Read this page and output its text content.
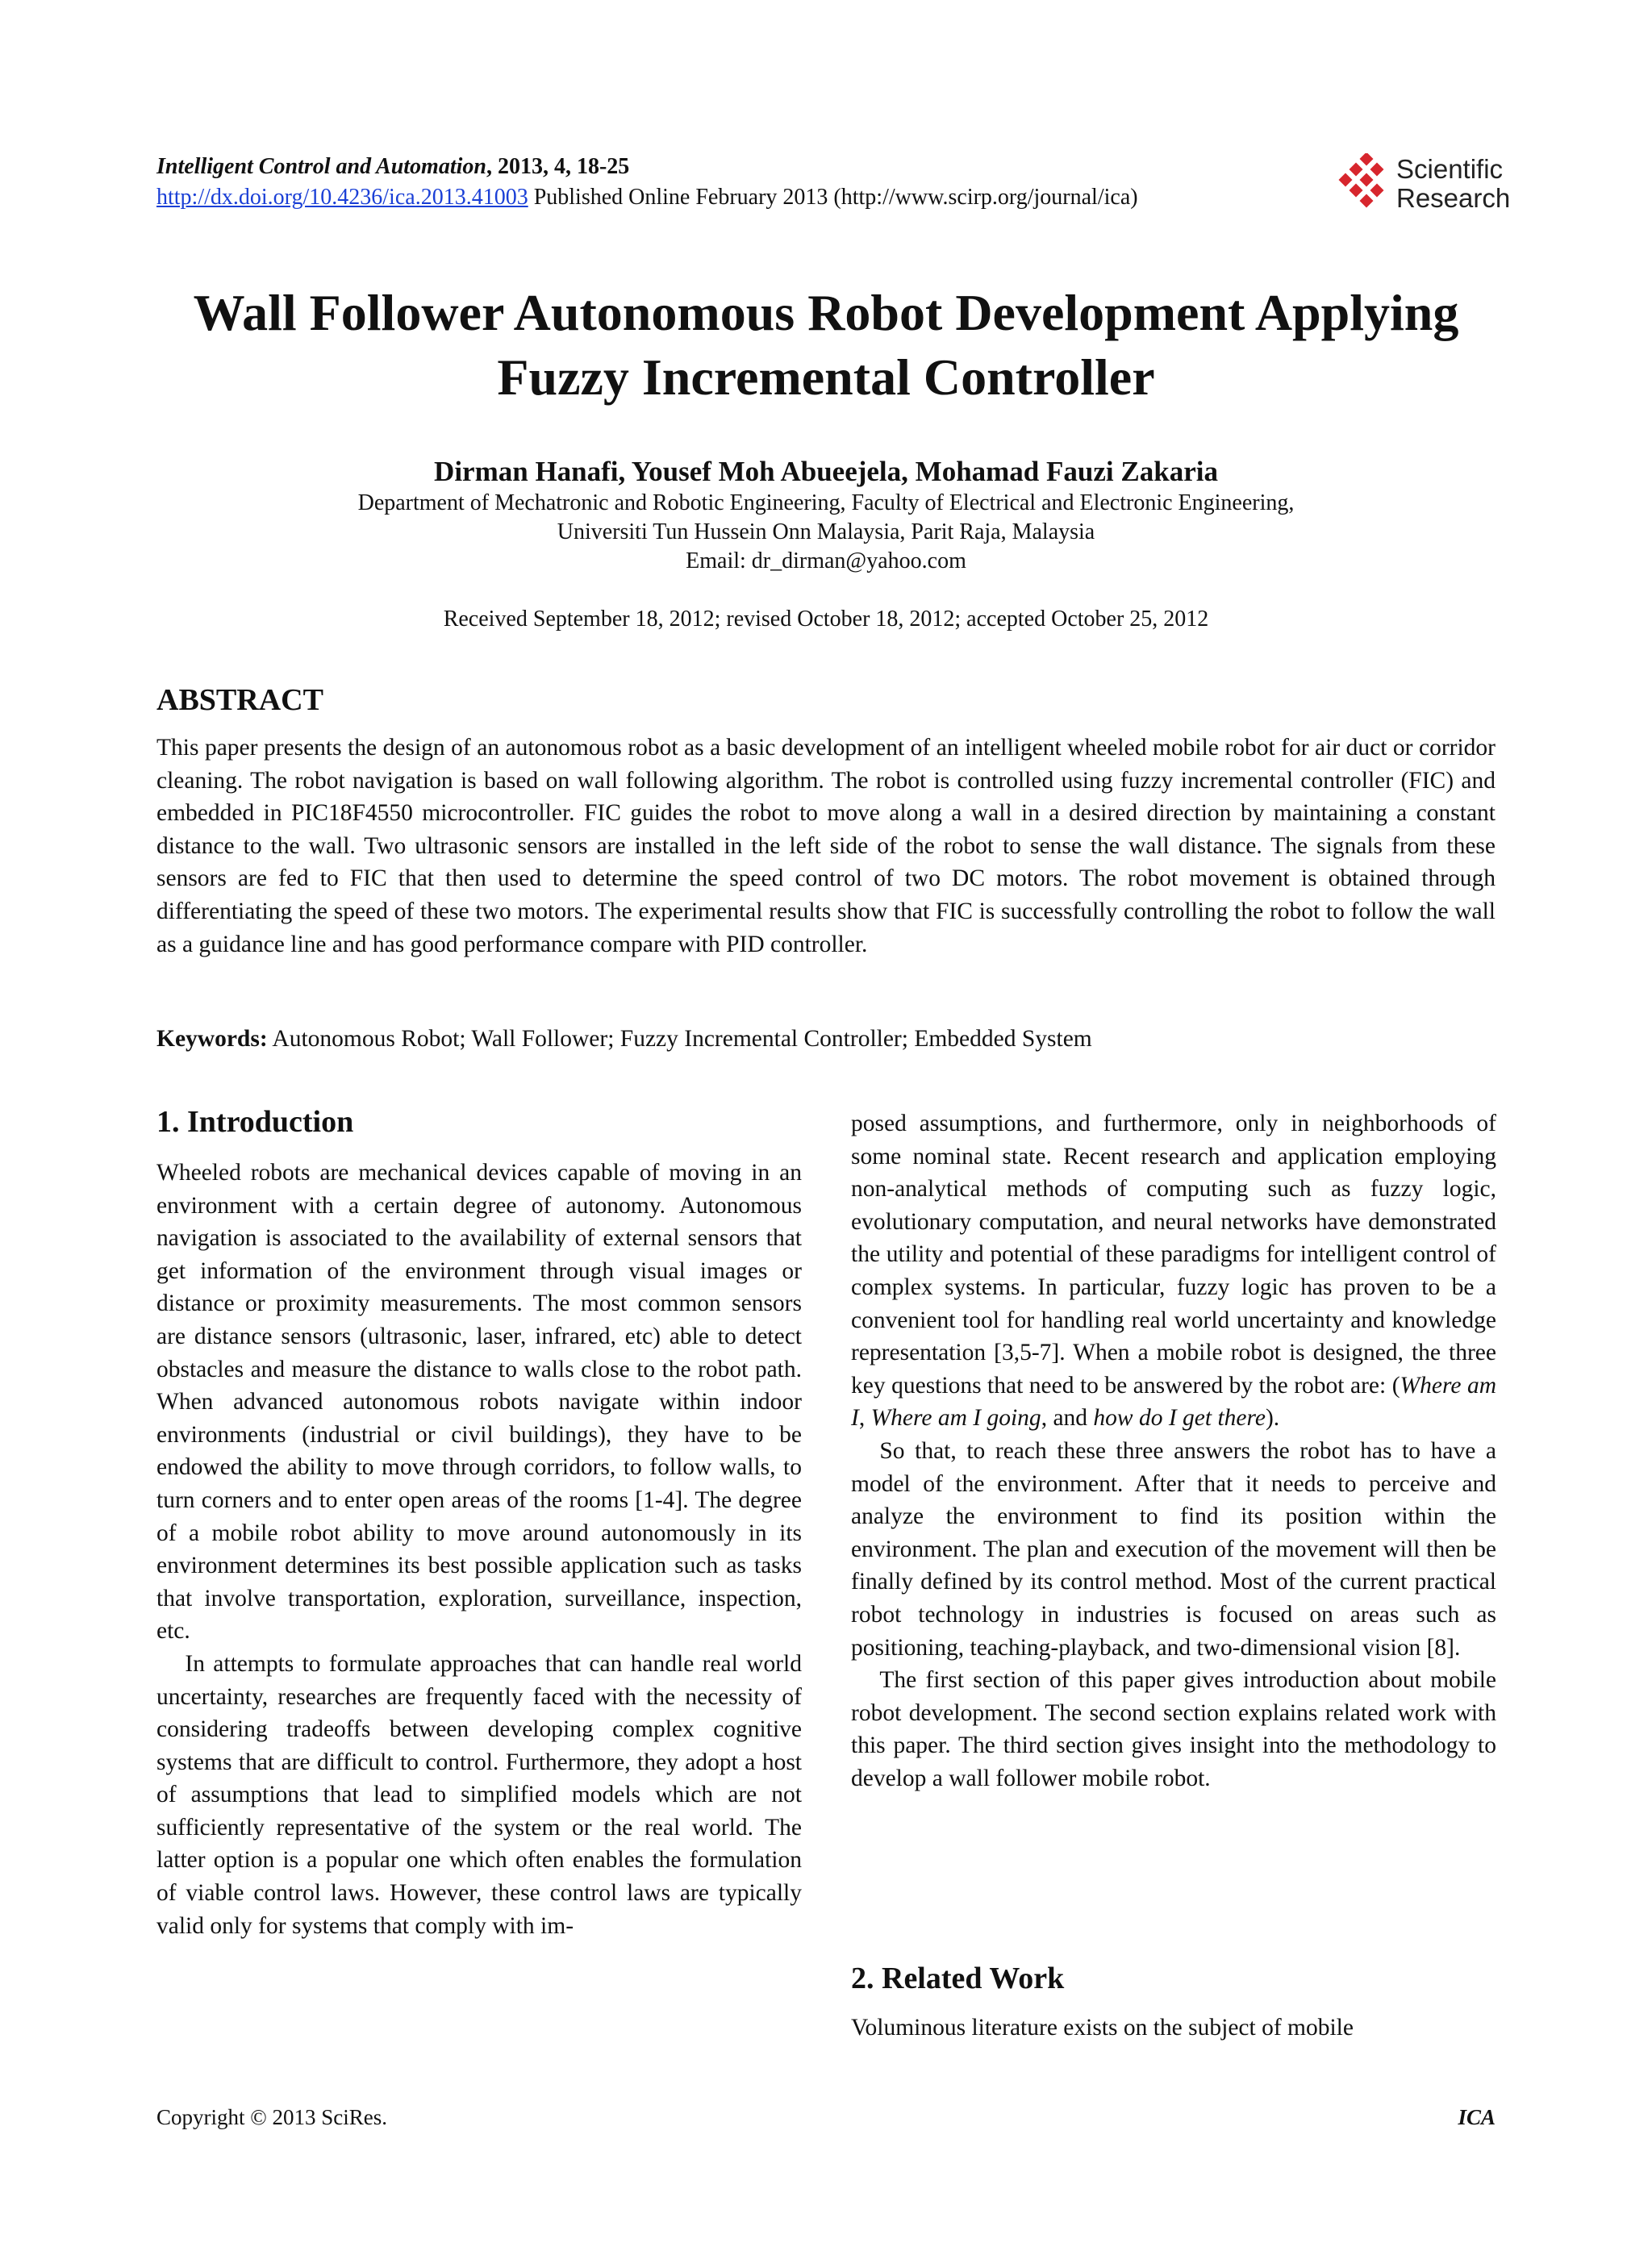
Intelligent Control and Automation, 2013, 4, 18-25
http://dx.doi.org/10.4236/ica.2013.41003 Published Online February 2013 (http://www.scirp.org/journal/ica)
Scientific
Research
Wall Follower Autonomous Robot Development Applying
Fuzzy Incremental Controller
Dirman Hanafi, Yousef Moh Abueejela, Mohamad Fauzi Zakaria
Department of Mechatronic and Robotic Engineering, Faculty of Electrical and Electronic Engineering,
Universiti Tun Hussein Onn Malaysia, Parit Raja, Malaysia
Email: dr_dirman@yahoo.com
Received September 18, 2012; revised October 18, 2012; accepted October 25, 2012
ABSTRACT
This paper presents the design of an autonomous robot as a basic development of an intelligent wheeled mobile robot for air duct or corridor cleaning. The robot navigation is based on wall following algorithm. The robot is controlled using fuzzy incremental controller (FIC) and embedded in PIC18F4550 microcontroller. FIC guides the robot to move along a wall in a desired direction by maintaining a constant distance to the wall. Two ultrasonic sensors are installed in the left side of the robot to sense the wall distance. The signals from these sensors are fed to FIC that then used to determine the speed control of two DC motors. The robot movement is obtained through differentiating the speed of these two motors. The experimental results show that FIC is successfully controlling the robot to follow the wall as a guidance line and has good performance compare with PID controller.
Keywords: Autonomous Robot; Wall Follower; Fuzzy Incremental Controller; Embedded System
1. Introduction

Wheeled robots are mechanical devices capable of moving in an environment with a certain degree of autonomy. Autonomous navigation is associated to the availability of external sensors that get information of the environment through visual images or distance or proximity measurements. The most common sensors are distance sensors (ultrasonic, laser, infrared, etc) able to detect obstacles and measure the distance to walls close to the robot path. When advanced autonomous robots navigate within indoor environments (industrial or civil buildings), they have to be endowed the ability to move through corridors, to follow walls, to turn corners and to enter open areas of the rooms [1-4]. The degree of a mobile robot ability to move around autonomously in its environment determines its best possible application such as tasks that involve transportation, exploration, surveillance, inspection, etc.

In attempts to formulate approaches that can handle real world uncertainty, researches are frequently faced with the necessity of considering tradeoffs between developing complex cognitive systems that are difficult to control. Furthermore, they adopt a host of assumptions that lead to simplified models which are not sufficiently representative of the system or the real world. The latter option is a popular one which often enables the formulation of viable control laws. However, these control laws are typically valid only for systems that comply with im-

posed assumptions, and furthermore, only in neighborhoods of some nominal state. Recent research and application employing non-analytical methods of computing such as fuzzy logic, evolutionary computation, and neural networks have demonstrated the utility and potential of these paradigms for intelligent control of complex systems. In particular, fuzzy logic has proven to be a convenient tool for handling real world uncertainty and knowledge representation [3,5-7]. When a mobile robot is designed, the three key questions that need to be answered by the robot are: (Where am I, Where am I going, and how do I get there).

So that, to reach these three answers the robot has to have a model of the environment. After that it needs to perceive and analyze the environment to find its position within the environment. The plan and execution of the movement will then be finally defined by its control method. Most of the current practical robot technology in industries is focused on areas such as positioning, teaching-playback, and two-dimensional vision [8].

The first section of this paper gives introduction about mobile robot development. The second section explains related work with this paper. The third section gives insight into the methodology to develop a wall follower mobile robot.

2. Related Work
Voluminous literature exists on the subject of mobile
Copyright © 2013 SciRes.	ICA
